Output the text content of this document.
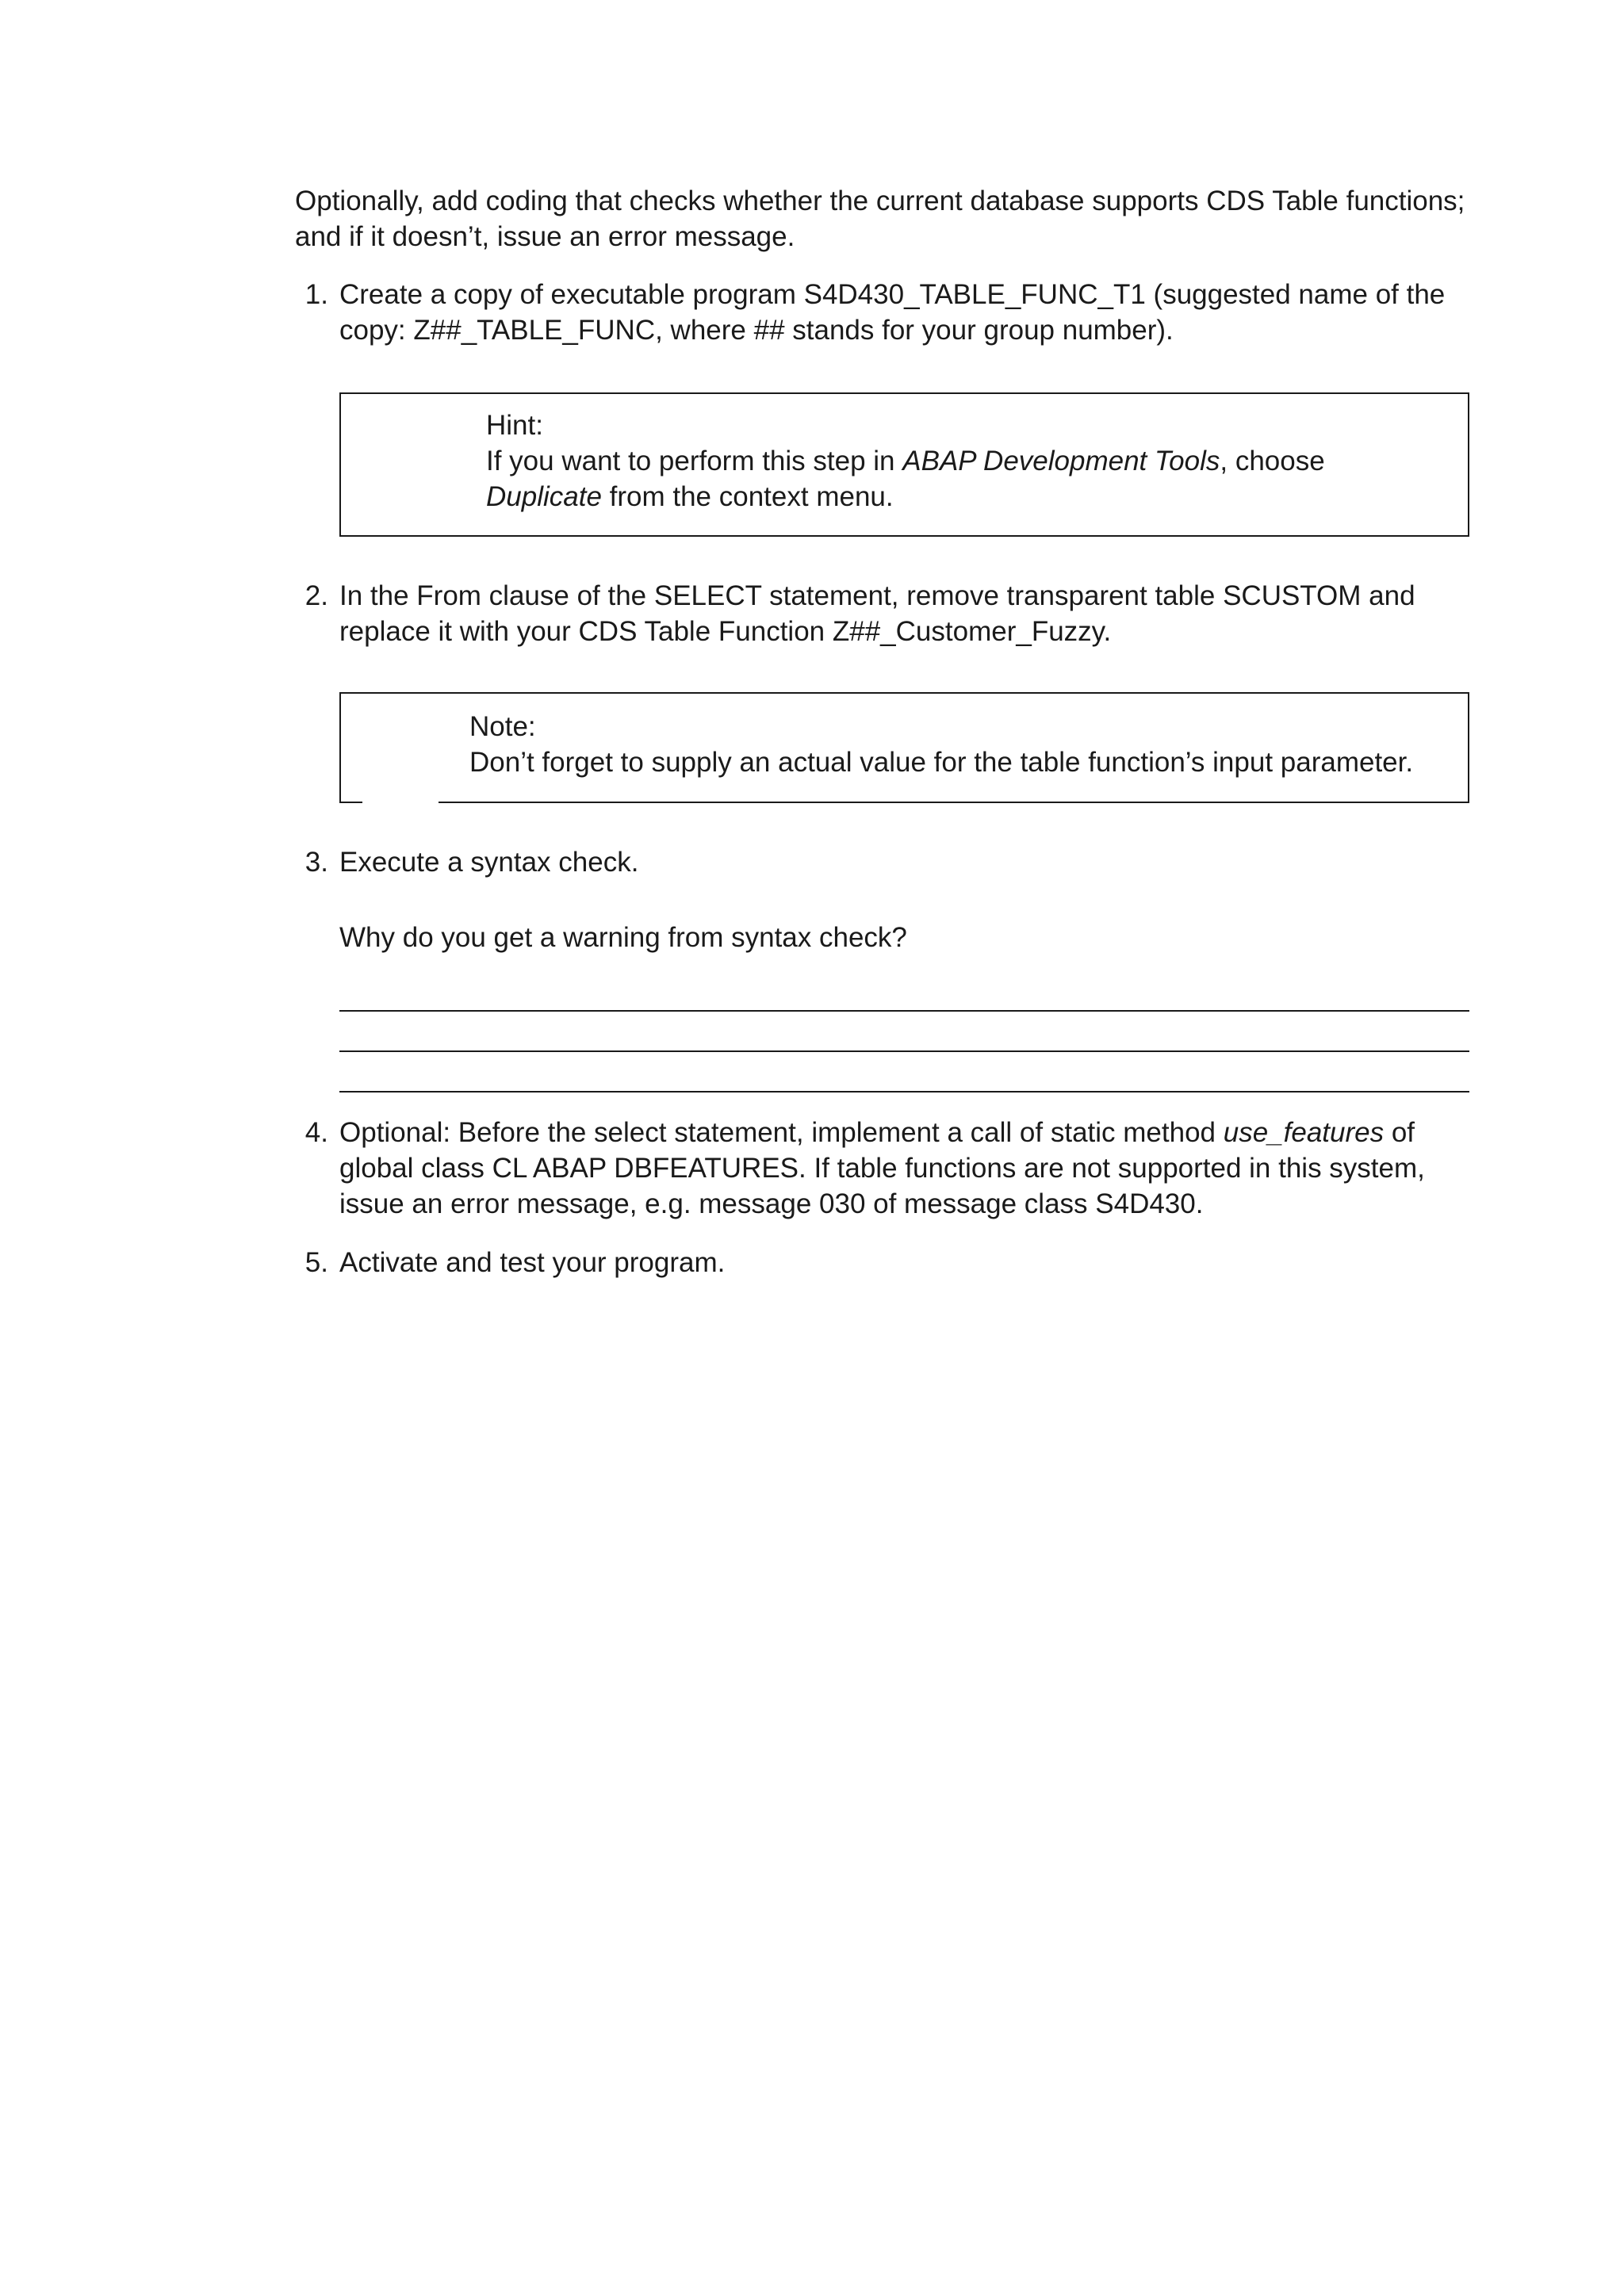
Optionally, add coding that checks whether the current database supports CDS Table functions; and if it doesn’t, issue an error message.

1. Create a copy of executable program S4D430_TABLE_FUNC_T1 (suggested name of the copy: Z##_TABLE_FUNC, where ## stands for your group number).

Hint:

If you want to perform this step in ABAP Development Tools, choose Duplicate from the context menu.

2. In the From clause of the SELECT statement, remove transparent table SCUSTOM and replace it with your CDS Table Function Z##_Customer_Fuzzy.

Note:

Don’t forget to supply an actual value for the table function’s input parameter.

3. Execute a syntax check.

Why do you get a warning from syntax check?

4. Optional: Before the select statement, implement a call of static method use_features of global class CL ABAP DBFEATURES. If table functions are not supported in this system, issue an error message, e.g. message 030 of message class S4D430.

5. Activate and test your program.
